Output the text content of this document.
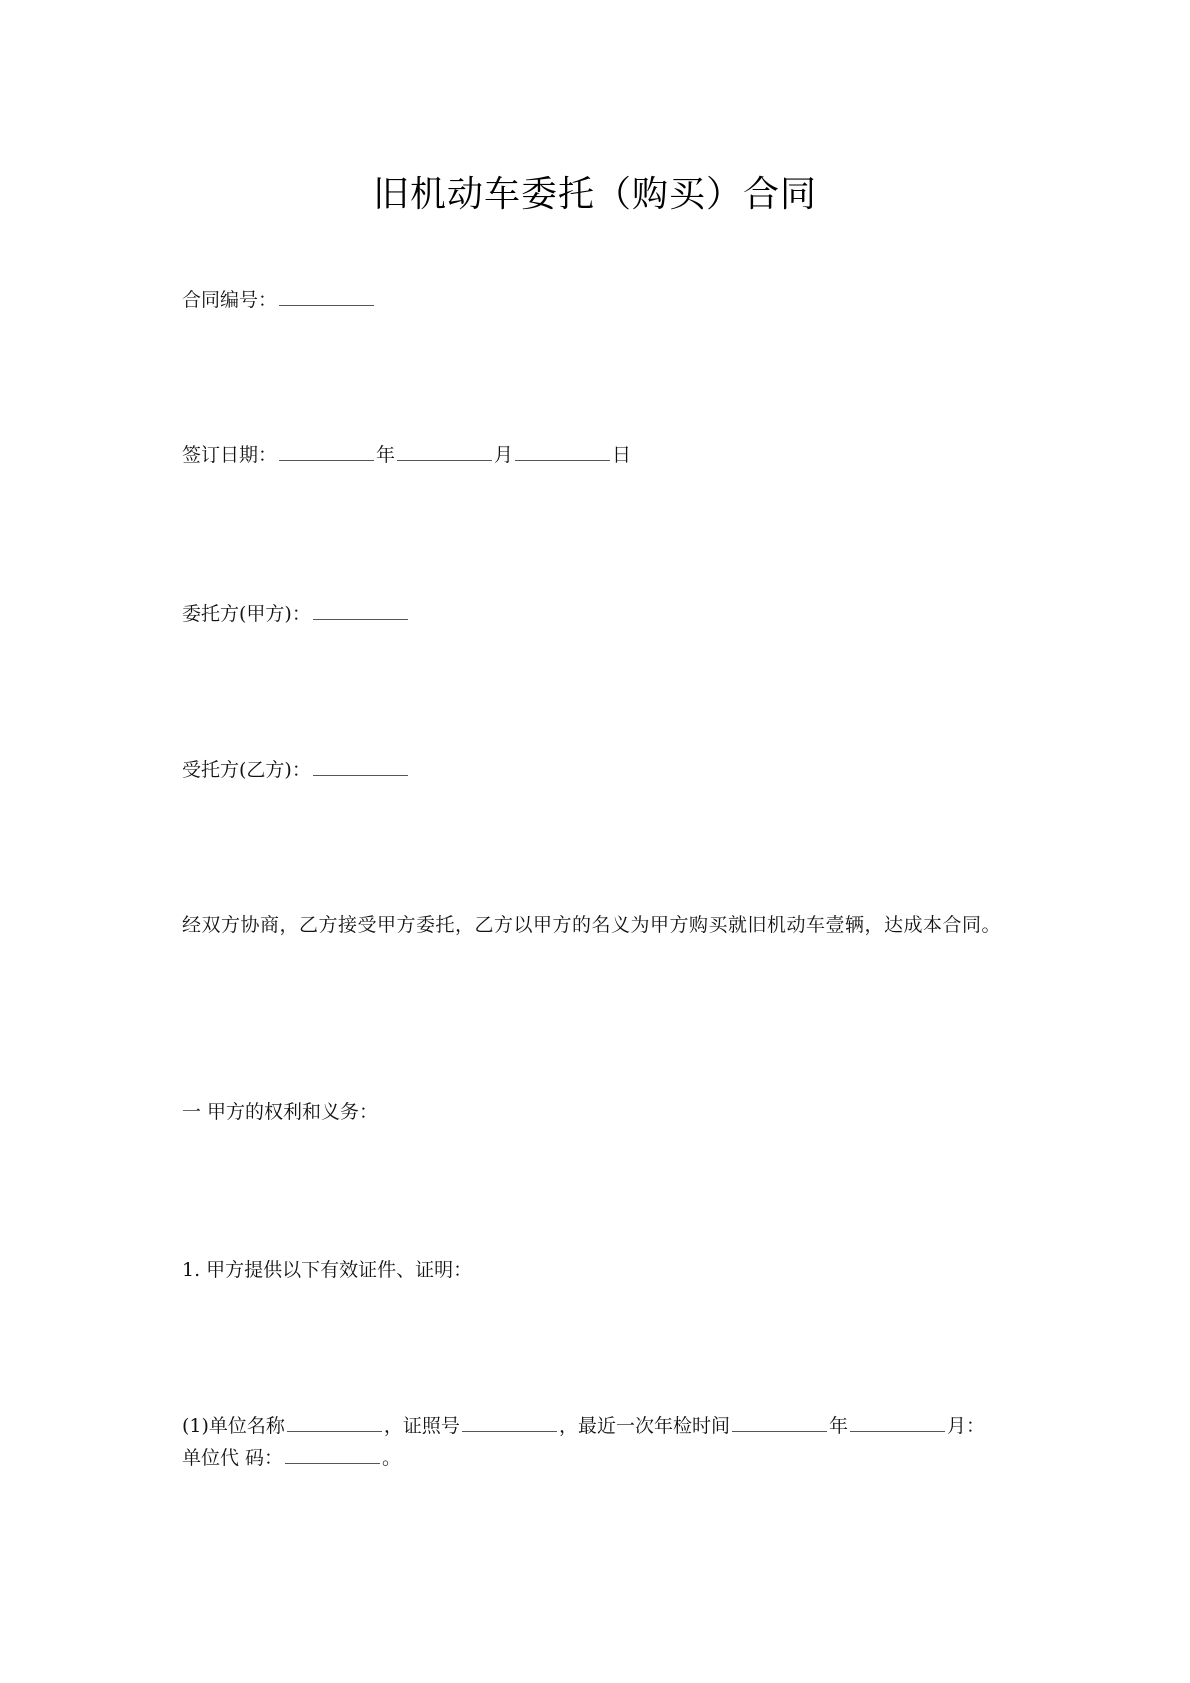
旧机动车委托（购买）合同
合同编号：
签订日期：	年	月	日
委托方(甲方)：
受托方(乙方)：
经双方协商，乙方接受甲方委托，乙方以甲方的名义为甲方购买就旧机动车壹辆，达成本合同。
一 甲方的权利和义务：
1. 甲方提供以下有效证件、证明：
(1)单位名称	，证照号	，最近一次年检时间	年	月：
单位代 码：	。
